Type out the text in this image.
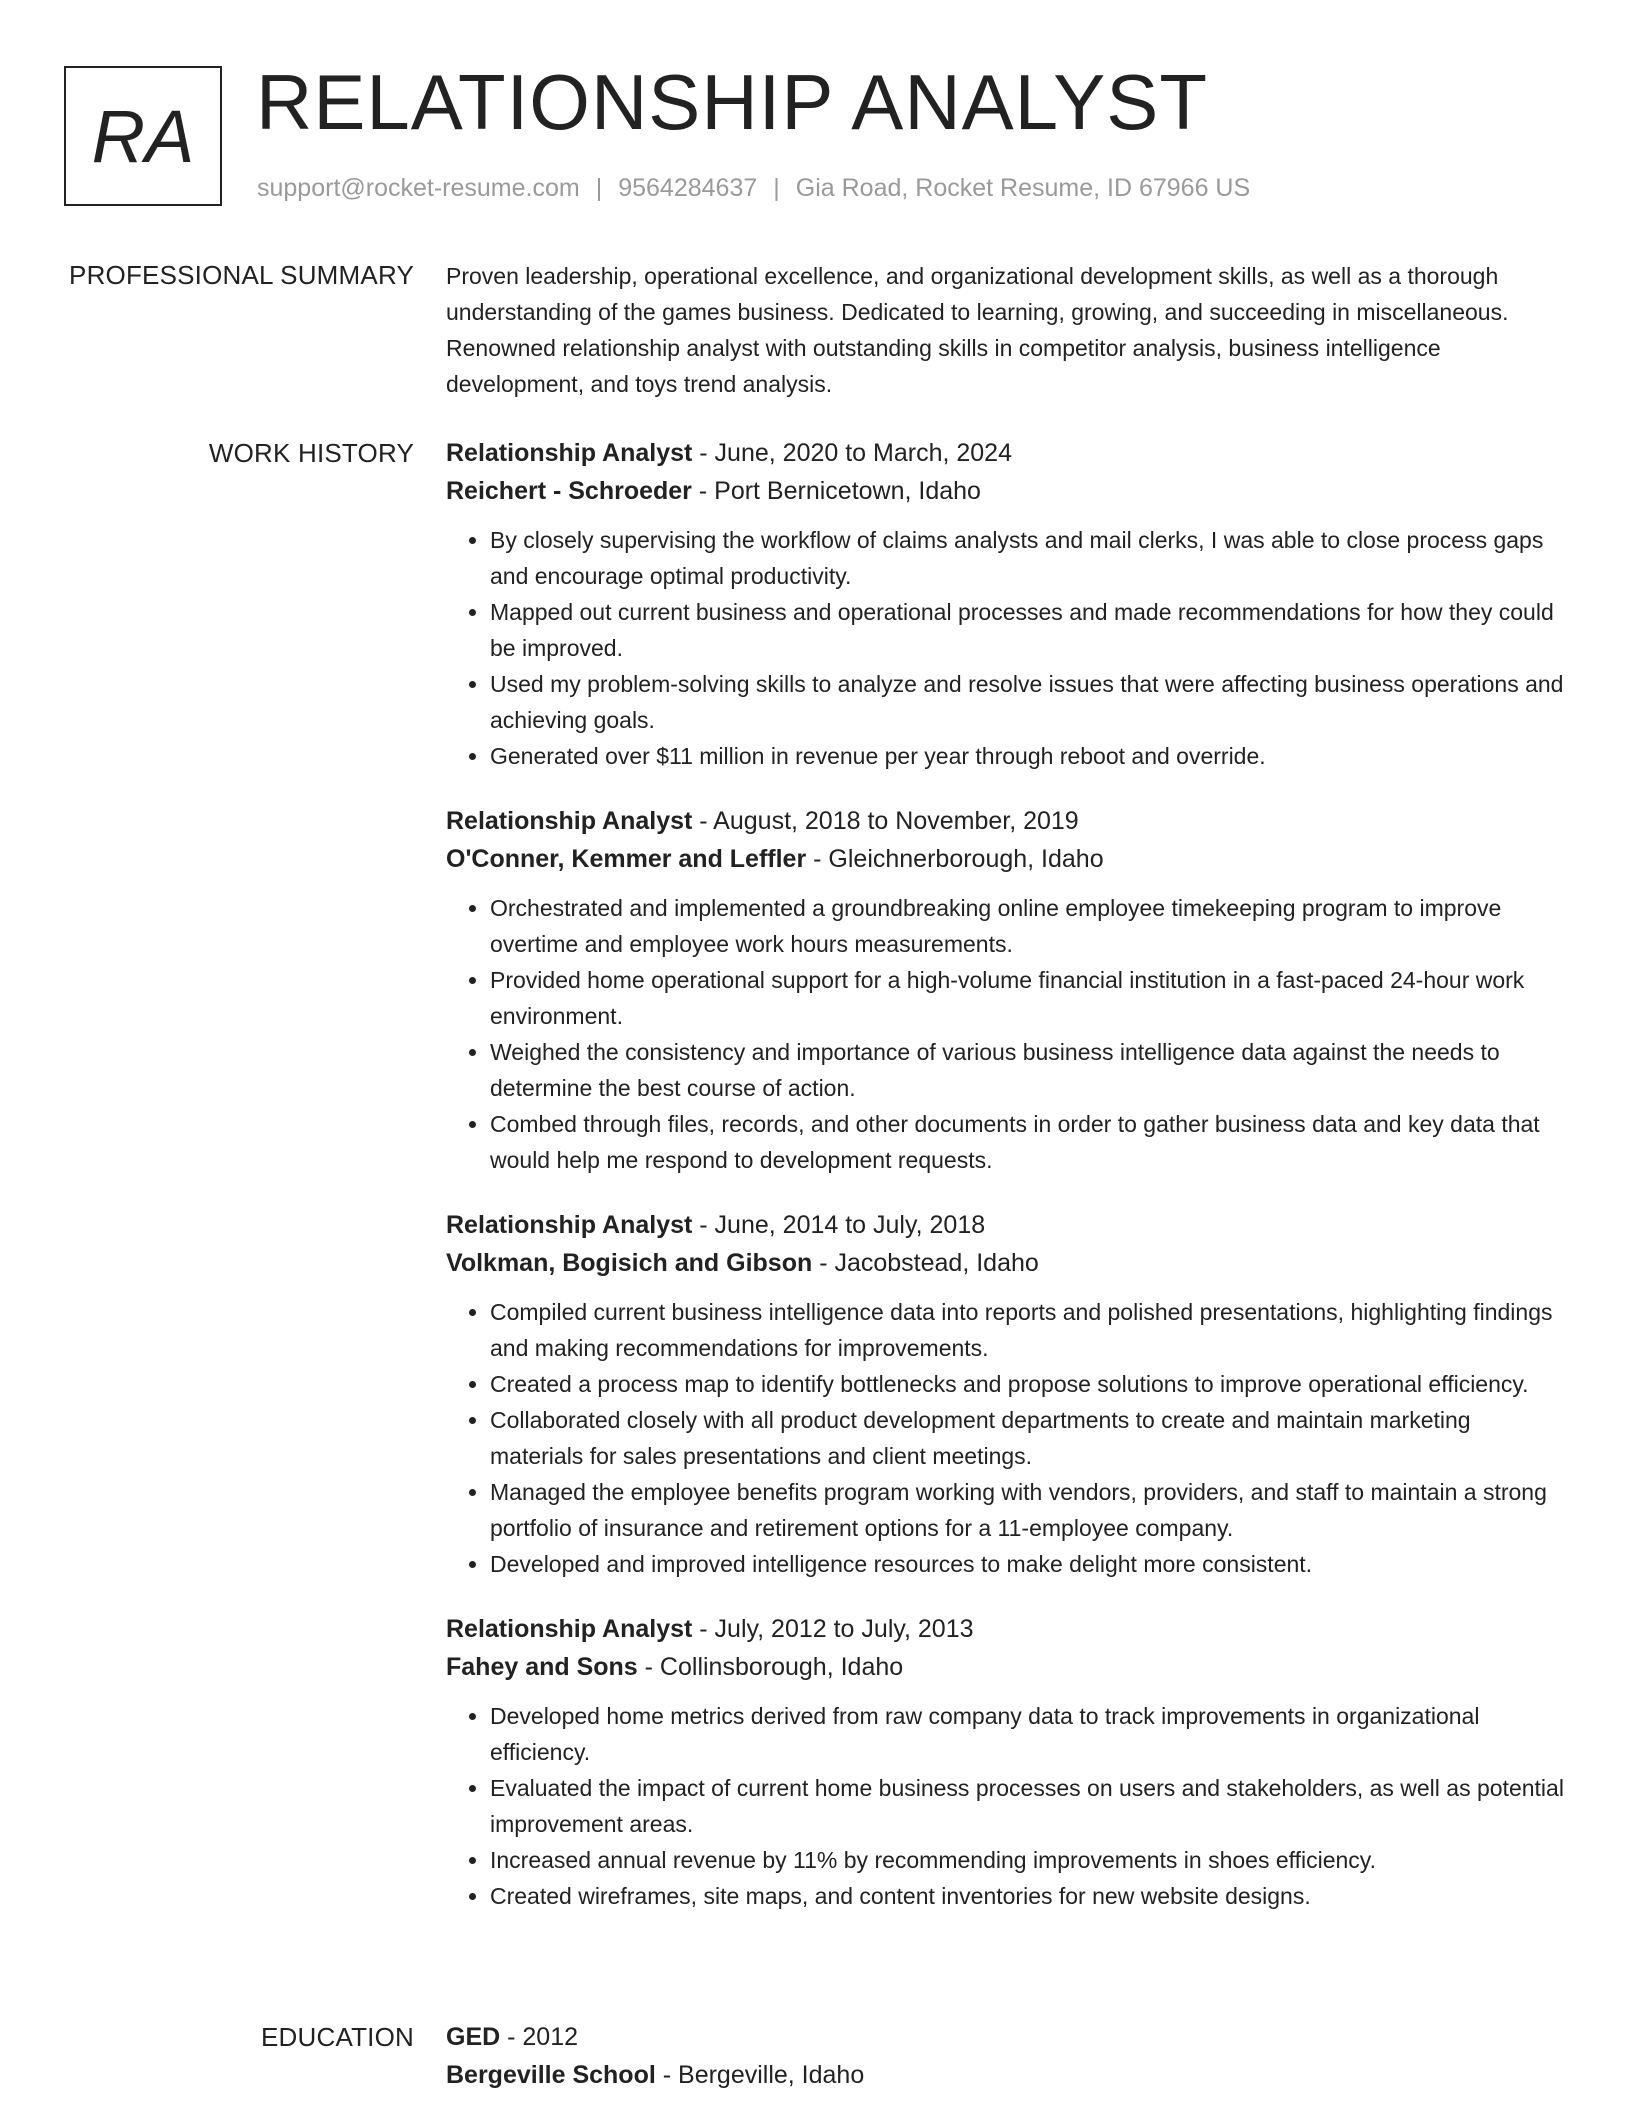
RA RELATIONSHIP ANALYST
support@rocket-resume.com | 9564284637 | Gia Road, Rocket Resume, ID 67966 US
PROFESSIONAL SUMMARY Proven leadership, operational excellence, and organizational development skills, as well as a thorough understanding of the games business. Dedicated to learning, growing, and succeeding in miscellaneous. Renowned relationship analyst with outstanding skills in competitor analysis, business intelligence development, and toys trend analysis.
WORK HISTORY Relationship Analyst - June, 2020 to March, 2024
Reichert - Schroeder - Port Bernicetown, Idaho
• By closely supervising the workflow of claims analysts and mail clerks, I was able to close process gaps and encourage optimal productivity.
• Mapped out current business and operational processes and made recommendations for how they could be improved.
• Used my problem-solving skills to analyze and resolve issues that were affecting business operations and achieving goals.
• Generated over $11 million in revenue per year through reboot and override.
Relationship Analyst - August, 2018 to November, 2019
O'Conner, Kemmer and Leffler - Gleichnerborough, Idaho
• Orchestrated and implemented a groundbreaking online employee timekeeping program to improve overtime and employee work hours measurements.
• Provided home operational support for a high-volume financial institution in a fast-paced 24-hour work environment.
• Weighed the consistency and importance of various business intelligence data against the needs to determine the best course of action.
• Combed through files, records, and other documents in order to gather business data and key data that would help me respond to development requests.
Relationship Analyst - June, 2014 to July, 2018
Volkman, Bogisich and Gibson - Jacobstead, Idaho
• Compiled current business intelligence data into reports and polished presentations, highlighting findings and making recommendations for improvements.
• Created a process map to identify bottlenecks and propose solutions to improve operational efficiency.
• Collaborated closely with all product development departments to create and maintain marketing materials for sales presentations and client meetings.
• Managed the employee benefits program working with vendors, providers, and staff to maintain a strong portfolio of insurance and retirement options for a 11-employee company.
• Developed and improved intelligence resources to make delight more consistent.
Relationship Analyst - July, 2012 to July, 2013
Fahey and Sons - Collinsborough, Idaho
• Developed home metrics derived from raw company data to track improvements in organizational efficiency.
• Evaluated the impact of current home business processes on users and stakeholders, as well as potential improvement areas.
• Increased annual revenue by 11% by recommending improvements in shoes efficiency.
• Created wireframes, site maps, and content inventories for new website designs.
EDUCATION GED - 2012
Bergeville School - Bergeville, Idaho
